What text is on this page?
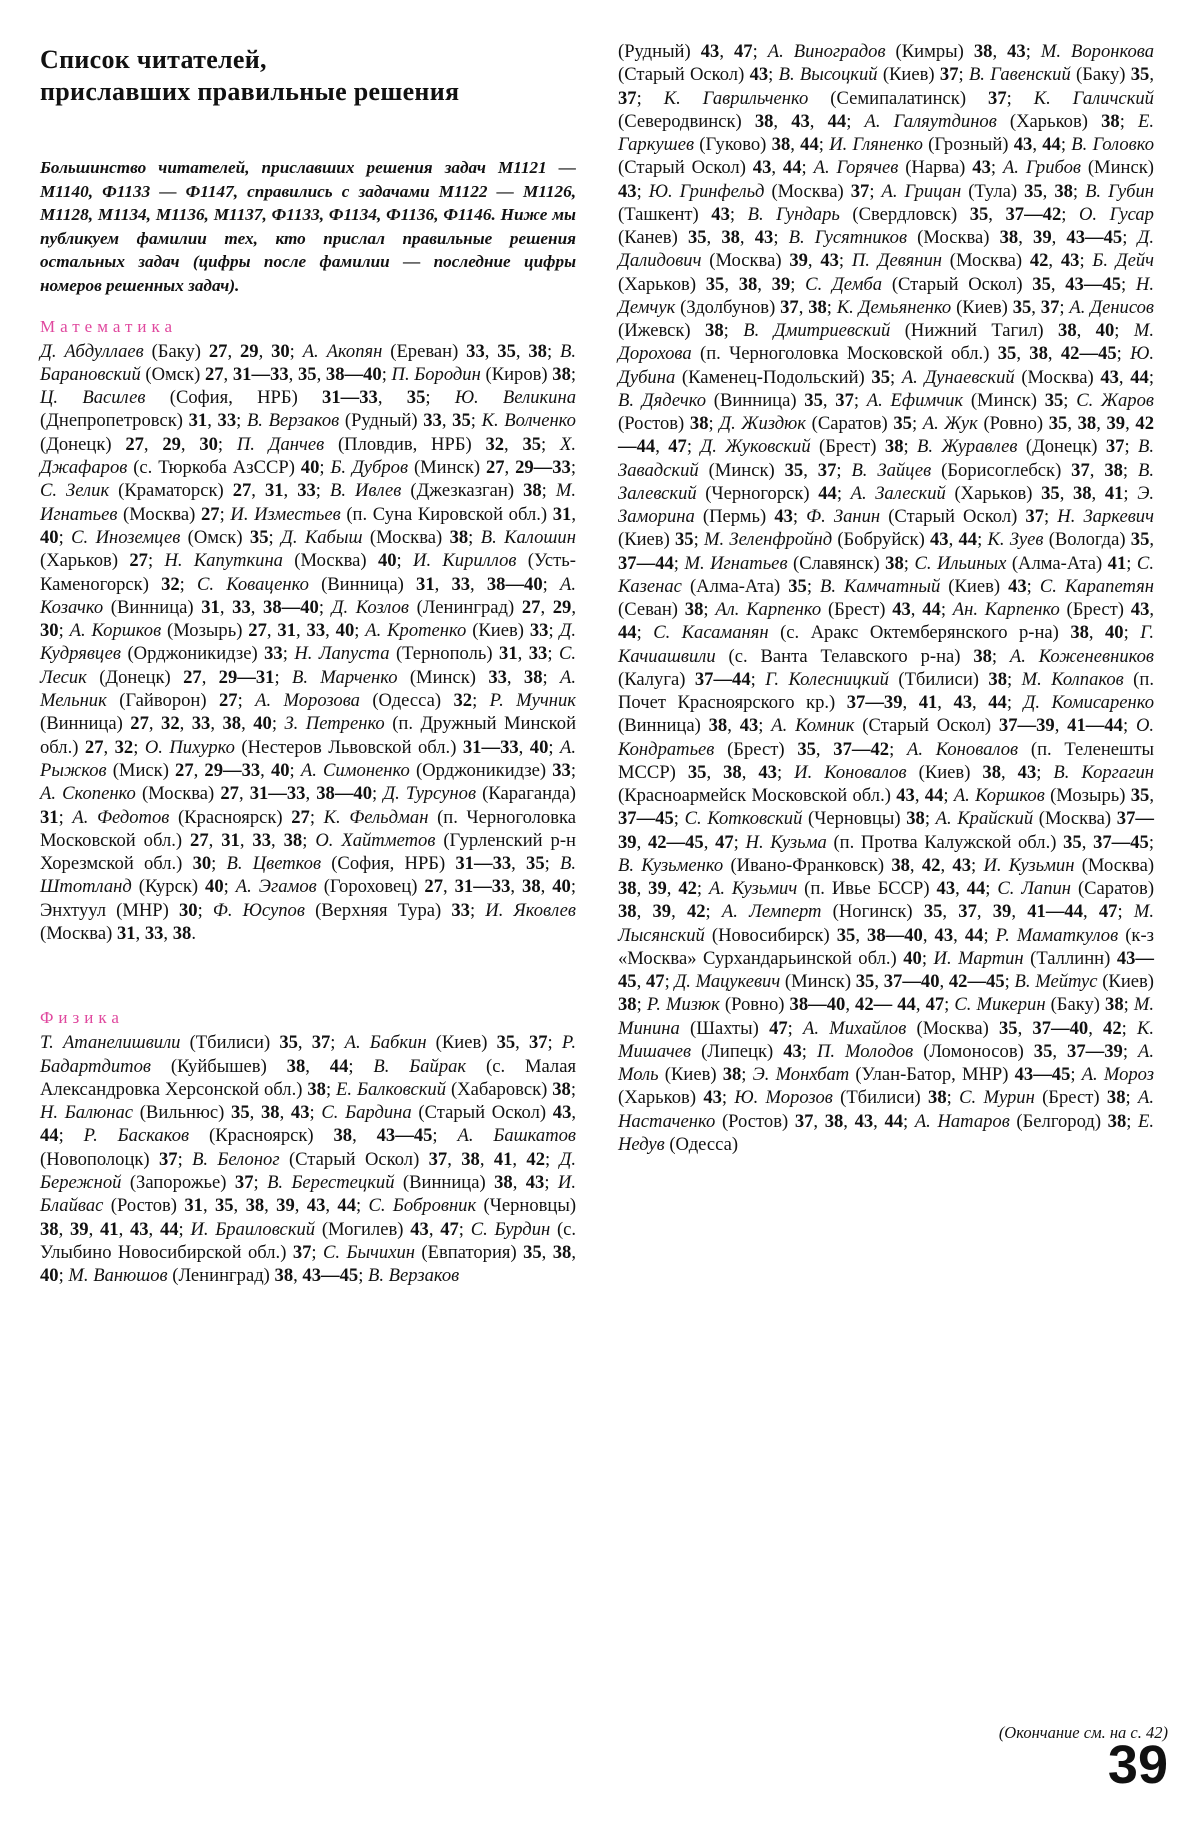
Список читателей,
приславших правильные решения

Большинство читателей, приславших решения задач М1121 — М1140, Ф1133 — Ф1147, справились с задачами М1122 — М1126, М1128, М1134, М1136, М1137, Ф1133, Ф1134, Ф1136, Ф1146. Ниже мы публикуем фамилии тех, кто прислал правильные решения остальных задач (цифры после фамилии — последние цифры номеров решенных задач).

Математика

Д. Абдуллаев (Баку) 27, 29, 30; А. Акопян (Ереван) 33, 35, 38; В. Барановский (Омск) 27, 31—33, 35, 38—40; П. Бородин (Киров) 38; Ц. Василев (София, НРБ) 31—33, 35; Ю. Великина (Днепропетровск) 31, 33; В. Верзаков (Рудный) 33, 35; К. Волченко (Донецк) 27, 29, 30; П. Данчев (Пловдив, НРБ) 32, 35; Х. Джафаров (с. Тюркоба АзССР) 40; Б. Дубров (Минск) 27, 29—33; С. Зелик (Краматорск) 27, 31, 33; В. Ивлев (Джезказган) 38; М. Игнатьев (Москва) 27; И. Изместьев (п. Суна Кировской обл.) 31, 40; С. Иноземцев (Омск) 35; Д. Кабыш (Москва) 38; В. Калошин (Харьков) 27; Н. Капуткина (Москва) 40; И. Кириллов (Усть-Каменогорск) 32; С. Коваценко (Винница) 31, 33, 38—40; А. Козачко (Винница) 31, 33, 38—40; Д. Козлов (Ленинград) 27, 29, 30; А. Коршков (Мозырь) 27, 31, 33, 40; А. Кротенко (Киев) 33; Д. Кудрявцев (Орджоникидзе) 33; Н. Лапуста (Тернополь) 31, 33; С. Лесик (Донецк) 27, 29—31; В. Марченко (Минск) 33, 38; А. Мельник (Гайворон) 27; А. Морозова (Одесса) 32; Р. Мучник (Винница) 27, 32, 33, 38, 40; З. Петренко (п. Дружный Минской обл.) 27, 32; О. Пихурко (Нестеров Львовской обл.) 31—33, 40; А. Рыжков (Миск) 27, 29—33, 40; А. Симоненко (Орджоникидзе) 33; А. Скопенко (Москва) 27, 31—33, 38—40; Д. Турсунов (Караганда) 31; А. Федотов (Красноярск) 27; К. Фельдман (п. Черноголовка Московской обл.) 27, 31, 33, 38; О. Хайтметов (Гурленский р-н Хорезмской обл.) 30; В. Цветков (София, НРБ) 31—33, 35; В. Штотланд (Курск) 40; А. Эгамов (Гороховец) 27, 31—33, 38, 40; Энхтуул (МНР) 30; Ф. Юсупов (Верхняя Тура) 33; И. Яковлев (Москва) 31, 33, 38.

Физика

Т. Атанелишвили (Тбилиси) 35, 37; А. Бабкин (Киев) 35, 37; Р. Бадартдитов (Куйбышев) 38, 44; В. Байрак (с. Малая Александровка Херсонской обл.) 38; Е. Балковский (Хабаровск) 38; Н. Балюнас (Вильнюс) 35, 38, 43; С. Бардина (Старый Оскол) 43, 44; Р. Баскаков (Красноярск) 38, 43—45; А. Башкатов (Новополоцк) 37; В. Белоног (Старый Оскол) 37, 38, 41, 42; Д. Бережной (Запорожье) 37; В. Берестецкий (Винница) 38, 43; И. Блайвас (Ростов) 31, 35, 38, 39, 43, 44; С. Бобровник (Черновцы) 38, 39, 41, 43, 44; И. Браиловский (Могилев) 43, 47; С. Бурдин (с. Улыбино Новосибирской обл.) 37; С. Бычихин (Евпатория) 35, 38, 40; М. Ванюшов (Ленинград) 38, 43—45; В. Верзаков

(Рудный) 43, 47; А. Виноградов (Кимры) 38, 43; М. Воронкова (Старый Оскол) 43; В. Высоцкий (Киев) 37; В. Гавенский (Баку) 35, 37; К. Гаврильченко (Семипалатинск) 37; К. Галичский (Северодвинск) 38, 43, 44; А. Галяутдинов (Харьков) 38; Е. Гаркушев (Гуково) 38, 44; И. Гляненко (Грозный) 43, 44; В. Головко (Старый Оскол) 43, 44; А. Горячев (Нарва) 43; А. Грибов (Минск) 43; Ю. Гринфельд (Москва) 37; А. Грицан (Тула) 35, 38; В. Губин (Ташкент) 43; В. Гундарь (Свердловск) 35, 37—42; О. Гусар (Канев) 35, 38, 43; В. Гусятников (Москва) 38, 39, 43—45; Д. Далидович (Москва) 39, 43; П. Девянин (Москва) 42, 43; Б. Дейч (Харьков) 35, 38, 39; С. Демба (Старый Оскол) 35, 43—45; Н. Демчук (Здолбунов) 37, 38; К. Демьяненко (Киев) 35, 37; А. Денисов (Ижевск) 38; В. Дмитриевский (Нижний Тагил) 38, 40; М. Дорохова (п. Черноголовка Московской обл.) 35, 38, 42—45; Ю. Дубина (Каменец-Подольский) 35; А. Дунаевский (Москва) 43, 44; В. Дядечко (Винница) 35, 37; А. Ефимчик (Минск) 35; С. Жаров (Ростов) 38; Д. Жиздюк (Саратов) 35; А. Жук (Ровно) 35, 38, 39, 42—44, 47; Д. Жуковский (Брест) 38; В. Журавлев (Донецк) 37; В. Завадский (Минск) 35, 37; В. Зайцев (Борисоглебск) 37, 38; В. Залевский (Черногорск) 44; А. Залеский (Харьков) 35, 38, 41; Э. Заморина (Пермь) 43; Ф. Занин (Старый Оскол) 37; Н. Заркевич (Киев) 35; М. Зеленфройнд (Бобруйск) 43, 44; К. Зуев (Вологда) 35, 37—44; М. Игнатьев (Славянск) 38; С. Ильиных (Алма-Ата) 41; С. Казенас (Алма-Ата) 35; В. Камчатный (Киев) 43; С. Карапетян (Севан) 38; Ал. Карпенко (Брест) 43, 44; Ан. Карпенко (Брест) 43, 44; С. Касаманян (с. Аракс Октемберянского р-на) 38, 40; Г. Качиашвили (с. Ванта Телавского р-на) 38; А. Коженевников (Калуга) 37—44; Г. Колесницкий (Тбилиси) 38; М. Колпаков (п. Почет Красноярского кр.) 37—39, 41, 43, 44; Д. Комисаренко (Винница) 38, 43; А. Комник (Старый Оскол) 37—39, 41—44; О. Кондратьев (Брест) 35, 37—42; А. Коновалов (п. Теленешты МССР) 35, 38, 43; И. Коновалов (Киев) 38, 43; В. Коргагин (Красноармейск Московской обл.) 43, 44; А. Коршков (Мозырь) 35, 37—45; С. Котковский (Черновцы) 38; А. Крайский (Москва) 37—39, 42—45, 47; Н. Кузьма (п. Протва Калужской обл.) 35, 37—45; В. Кузьменко (Ивано-Франковск) 38, 42, 43; И. Кузьмин (Москва) 38, 39, 42; А. Кузьмич (п. Ивье БССР) 43, 44; С. Лапин (Саратов) 38, 39, 42; А. Лемперт (Ногинск) 35, 37, 39, 41—44, 47; М. Лысянский (Новосибирск) 35, 38—40, 43, 44; Р. Маматкулов (к-з «Москва» Сурхандарьинской обл.) 40; И. Мартин (Таллинн) 43—45, 47; Д. Мацукевич (Минск) 35, 37—40, 42—45; В. Мейтус (Киев) 38; Р. Мизюк (Ровно) 38—40, 42— 44, 47; С. Микерин (Баку) 38; М. Минина (Шахты) 47; А. Михайлов (Москва) 35, 37—40, 42; К. Мишачев (Липецк) 43; П. Молодов (Ломоносов) 35, 37—39; А. Моль (Киев) 38; Э. Монхбат (Улан-Батор, МНР) 43—45; А. Мороз (Харьков) 43; Ю. Морозов (Тбилиси) 38; С. Мурин (Брест) 38; А. Настаченко (Ростов) 37, 38, 43, 44; А. Натаров (Белгород) 38; Е. Недув (Одесса)

(Окончание см. на с. 42)
39
